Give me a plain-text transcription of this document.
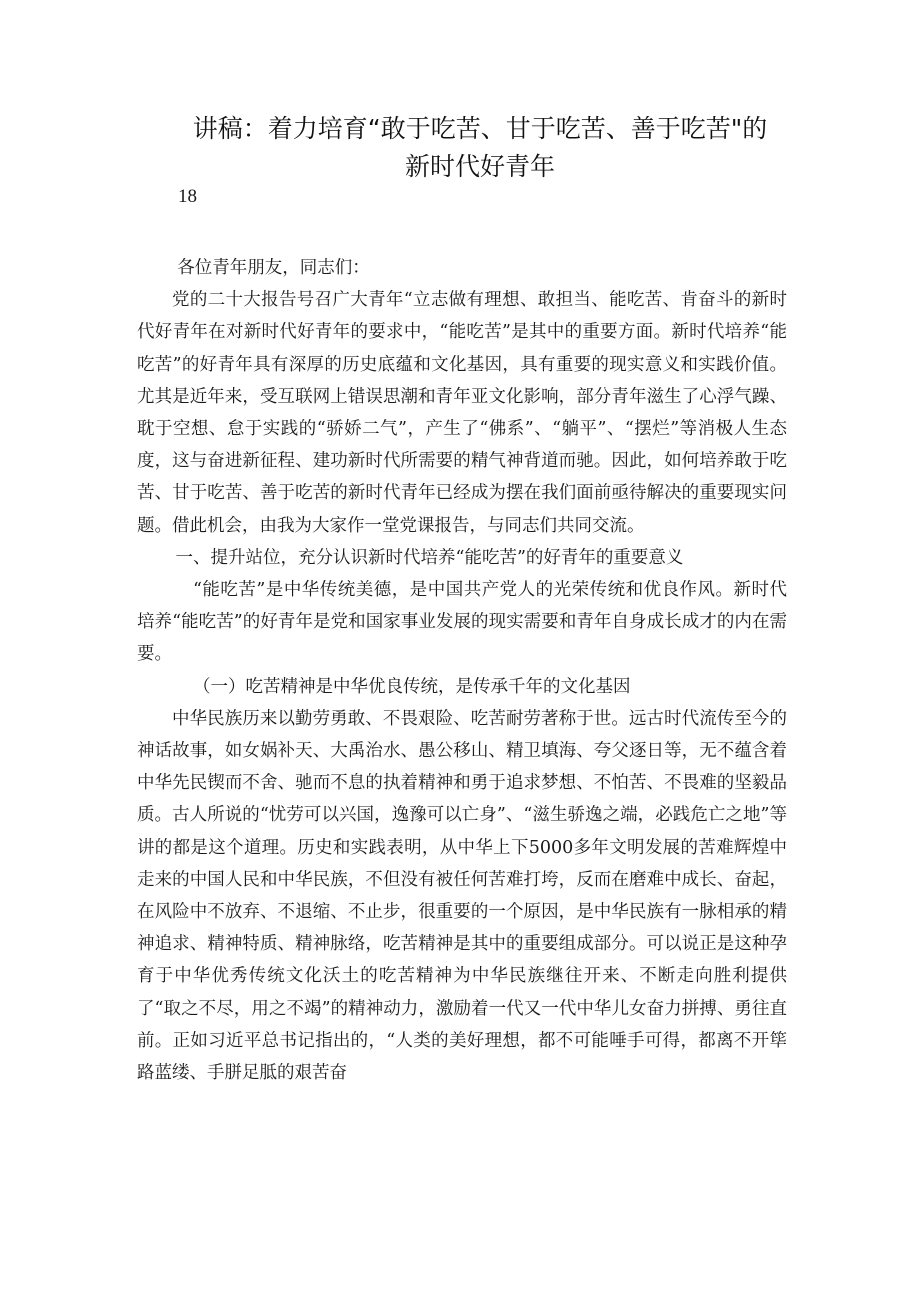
讲稿：着力培育“敢于吃苦、甘于吃苦、善于吃苦"的
新时代好青年
18

各位青年朋友，同志们：

党的二十大报告号召广大青年“立志做有理想、敢担当、能吃苦、肯奋斗的新时代好青年在对新时代好青年的要求中，“能吃苦”是其中的重要方面。新时代培养“能吃苦”的好青年具有深厚的历史底蕴和文化基因，具有重要的现实意义和实践价值。尤其是近年来，受互联网上错误思潮和青年亚文化影响，部分青年滋生了心浮气躁、耽于空想、怠于实践的“骄娇二气”，产生了“佛系”、“躺平”、“摆烂”等消极人生态度，这与奋进新征程、建功新时代所需要的精气神背道而驰。因此，如何培养敢于吃苦、甘于吃苦、善于吃苦的新时代青年已经成为摆在我们面前亟待解决的重要现实问题。借此机会，由我为大家作一堂党课报告，与同志们共同交流。

一、提升站位，充分认识新时代培养“能吃苦”的好青年的重要意义

“能吃苦”是中华传统美德，是中国共产党人的光荣传统和优良作风。新时代培养“能吃苦”的好青年是党和国家事业发展的现实需要和青年自身成长成才的内在需要。

（一）吃苦精神是中华优良传统，是传承千年的文化基因

中华民族历来以勤劳勇敢、不畏艰险、吃苦耐劳著称于世。远古时代流传至今的神话故事，如女娲补天、大禹治水、愚公移山、精卫填海、夸父逐日等，无不蕴含着中华先民锲而不舍、驰而不息的执着精神和勇于追求梦想、不怕苦、不畏难的坚毅品质。古人所说的“忧劳可以兴国，逸豫可以亡身”、“滋生骄逸之端，必践危亡之地”等讲的都是这个道理。历史和实践表明，从中华上下5000多年文明发展的苦难辉煌中走来的中国人民和中华民族，不但没有被任何苦难打垮，反而在磨难中成长、奋起，在风险中不放弃、不退缩、不止步，很重要的一个原因，是中华民族有一脉相承的精神追求、精神特质、精神脉络，吃苦精神是其中的重要组成部分。可以说正是这种孕育于中华优秀传统文化沃土的吃苦精神为中华民族继往开来、不断走向胜利提供了“取之不尽，用之不竭”的精神动力，激励着一代又一代中华儿女奋力拼搏、勇往直前。正如习近平总书记指出的，“人类的美好理想，都不可能唾手可得，都离不开筚路蓝缕、手胼足胝的艰苦奋
